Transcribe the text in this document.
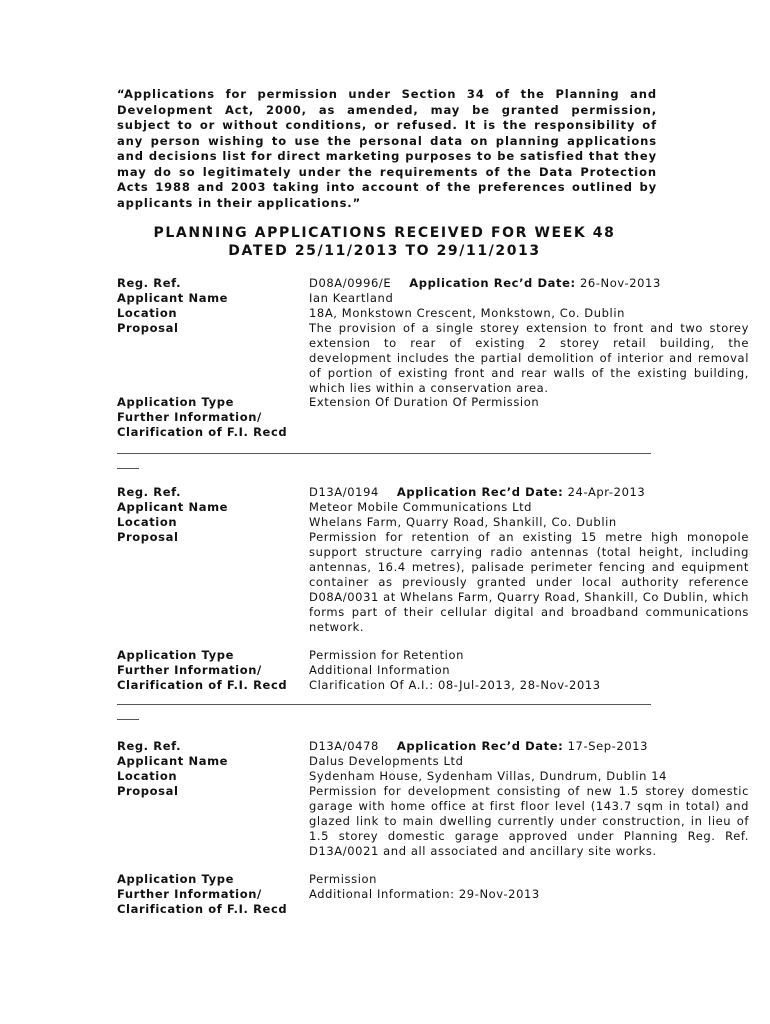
“Applications for permission under Section 34 of the Planning and Development Act, 2000, as amended, may be granted permission, subject to or without conditions, or refused. It is the responsibility of any person wishing to use the personal data on planning applications and decisions list for direct marketing purposes to be satisfied that they may do so legitimately under the requirements of the Data Protection Acts 1988 and 2003 taking into account of the preferences outlined by applicants in their applications.”
PLANNING APPLICATIONS RECEIVED FOR WEEK 48
DATED 25/11/2013 TO 29/11/2013
Reg. Ref.	D08A/0996/E Application Rec’d Date: 26-Nov-2013
Applicant Name	Ian Keartland
Location	18A, Monkstown Crescent, Monkstown, Co. Dublin
Proposal	The provision of a single storey extension to front and two storey extension to rear of existing 2 storey retail building, the development includes the partial demolition of interior and removal of portion of existing front and rear walls of the existing building, which lies within a conservation area.
Application Type	Extension Of Duration Of Permission
Further Information/
Clarification of F.I. Recd
Reg. Ref.	D13A/0194 Application Rec’d Date: 24-Apr-2013
Applicant Name	Meteor Mobile Communications Ltd
Location	Whelans Farm, Quarry Road, Shankill, Co. Dublin
Proposal	Permission for retention of an existing 15 metre high monopole support structure carrying radio antennas (total height, including antennas, 16.4 metres), palisade perimeter fencing and equipment container as previously granted under local authority reference D08A/0031 at Whelans Farm, Quarry Road, Shankill, Co Dublin, which forms part of their cellular digital and broadband communications network.
Application Type	Permission for Retention
Further Information/	Additional Information
Clarification of F.I. Recd	Clarification Of A.I.: 08-Jul-2013, 28-Nov-2013
Reg. Ref.	D13A/0478 Application Rec’d Date: 17-Sep-2013
Applicant Name	Dalus Developments Ltd
Location	Sydenham House, Sydenham Villas, Dundrum, Dublin 14
Proposal	Permission for development consisting of new 1.5 storey domestic garage with home office at first floor level (143.7 sqm in total) and glazed link to main dwelling currently under construction, in lieu of 1.5 storey domestic garage approved under Planning Reg. Ref. D13A/0021 and all associated and ancillary site works.
Application Type	Permission
Further Information/	Additional Information: 29-Nov-2013
Clarification of F.I. Recd
